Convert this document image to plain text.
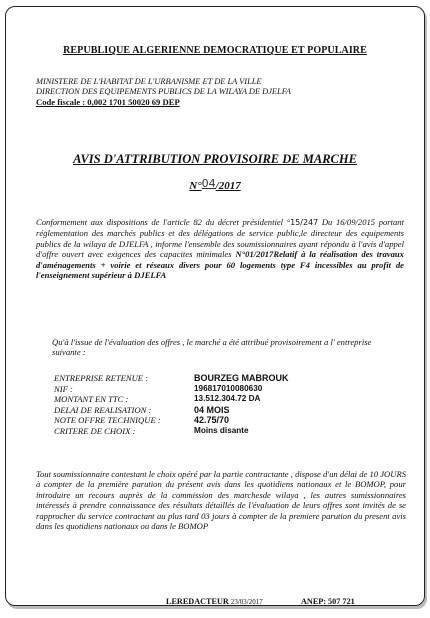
REPUBLIQUE ALGERIENNE DEMOCRATIQUE ET POPULAIRE
MINISTERE DE L'HABITAT DE L'URBANISME ET DE LA VILLE
DIRECTION DES EQUIPEMENTS PUBLICS DE LA WILAYA DE DJELFA
Code fiscale : 0,002 1701 50020 69 DEP
AVIS D'ATTRIBUTION PROVISOIRE DE MARCHE
N°04/2017
Conformement aux dispositions de l'article 82 du décret présidentiel °15/247 Du 16/09/2015 portant réglementation des marchés publics et des délégations de service public,le directeur des equipements publics de la wilaya de DJELFA , informe l'ensemble des soumissionnaires ayant répondu à l'avis d'appel d'offre ouvert avec exigences des capacites minimales N°01/2017Relatif à la réalisation des travaux d'aménagements + voirie et réseaux divers pour 60 logements type F4 incessibles au profit de l'enseignement supérieur à DJELFA
Qu'à l'issue de l'évaluation des offres , le marché a été attribué provisoirement a l' entreprise suivante :
ENTREPRISE RETENUE :	BOURZEG MABROUK
NIF :	196817010080630
MONTANT EN TTC :	13.512.304.72 DA
DELAI DE REALISATION :	04 MOIS
NOTE OFFRE TECHNIQUE :	42.75/70
CRITERE DE CHOIX :	Moins disante
Tout soumissionnaire contestant le choix opéré par la partie contractante , dispose d'un délai de 10 JOURS à compter de la première parution du présent avis dans les quotidiens nationaux et le BOMOP, pour introduire un recours auprès de la commission des marchesde wilaya , les autres sumissionnaires intéressés à prendre connaissance des résultats détaillés de l'évaluation de leurs offres sont invités de se rapprocher du service contractant au plus tard 03 jours à compter de la premiere parution du present avis dans les quotidiens nationaux ou dans le BOMOP
LEREDACTEUR 23/03/2017	ANEP: 507 721
